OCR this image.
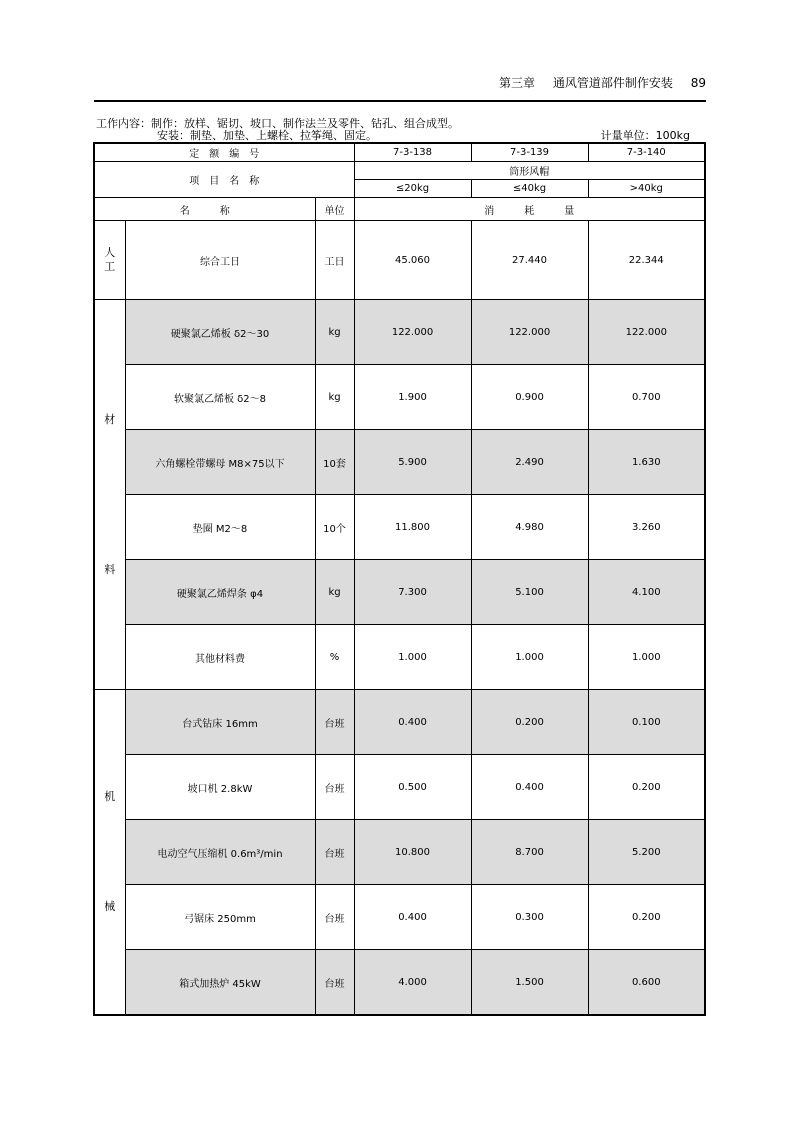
第三章 通风管道部件制作安装 89
工作内容：制作：放样、锯切、坡口、制作法兰及零件、钻孔、组合成型。
安装：制垫、加垫、上螺栓、拉筝绳、固定。	计量单位：100kg
定　额　编　号			7-3-138	7-3-139	7-3-140
项　目　名　称			筒形风帽		
			≤20kg	≤40kg	>40kg
名　　　称		单位	消　　　耗　　　量		

人
工	综合工日	工日	45.060	27.440	22.344

材
料	硬聚氯乙烯板 δ2～30	kg	122.000	122.000	122.000
	软聚氯乙烯板 δ2～8	kg	1.900	0.900	0.700
	六角螺栓带螺母 M8×75以下	10套	5.900	2.490	1.630
	垫圈 M2～8	10个	11.800	4.980	3.260
	硬聚氯乙烯焊条 φ4	kg	7.300	5.100	4.100
	其他材料费	%	1.000	1.000	1.000

机
械	台式钻床 16mm	台班	0.400	0.200	0.100
	坡口机 2.8kW	台班	0.500	0.400	0.200
	电动空气压缩机 0.6m³/min	台班	10.800	8.700	5.200
	弓锯床 250mm	台班	0.400	0.300	0.200
	箱式加热炉 45kW	台班	4.000	1.500	0.600
